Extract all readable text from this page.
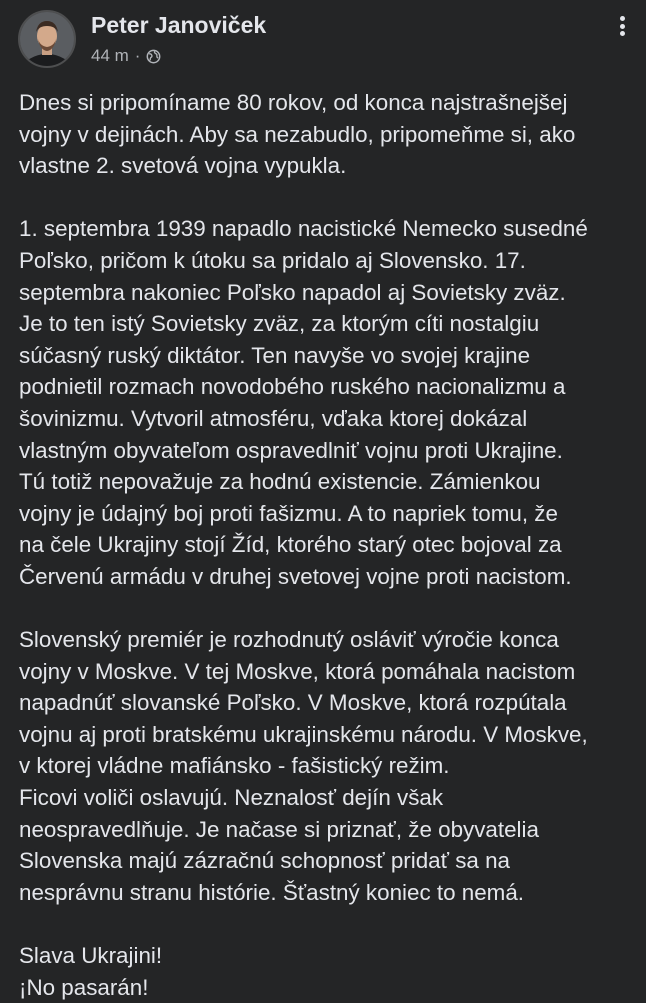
Peter Janoviček
44 m ·

Dnes si pripomíname 80 rokov, od konca najstrašnejšej
vojny v dejinách. Aby sa nezabudlo, pripomeňme si, ako
vlastne 2. svetová vojna vypukla.

1. septembra 1939 napadlo nacistické Nemecko susedné
Poľsko, pričom k útoku sa pridalo aj Slovensko. 17.
septembra nakoniec Poľsko napadol aj Sovietsky zväz.
Je to ten istý Sovietsky zväz, za ktorým cíti nostalgiu
súčasný ruský diktátor. Ten navyše vo svojej krajine
podnietil rozmach novodobého ruského nacionalizmu a
šovinizmu. Vytvoril atmosféru, vďaka ktorej dokázal
vlastným obyvateľom ospravedlniť vojnu proti Ukrajine.
Tú totiž nepovažuje za hodnú existencie. Zámienkou
vojny je údajný boj proti fašizmu. A to napriek tomu, že
na čele Ukrajiny stojí Žíd, ktorého starý otec bojoval za
Červenú armádu v druhej svetovej vojne proti nacistom.

Slovenský premiér je rozhodnutý osláviť výročie konca
vojny v Moskve. V tej Moskve, ktorá pomáhala nacistom
napadnúť slovanské Poľsko. V Moskve, ktorá rozpútala
vojnu aj proti bratskému ukrajinskému národu. V Moskve,
v ktorej vládne mafiánsko - fašistický režim.
Ficovi voliči oslavujú. Neznalosť dejín však
neospravedlňuje. Je načase si priznať, že obyvatelia
Slovenska majú zázračnú schopnosť pridať sa na
nesprávnu stranu histórie. Šťastný koniec to nemá.

Slava Ukrajini!
¡No pasarán!
